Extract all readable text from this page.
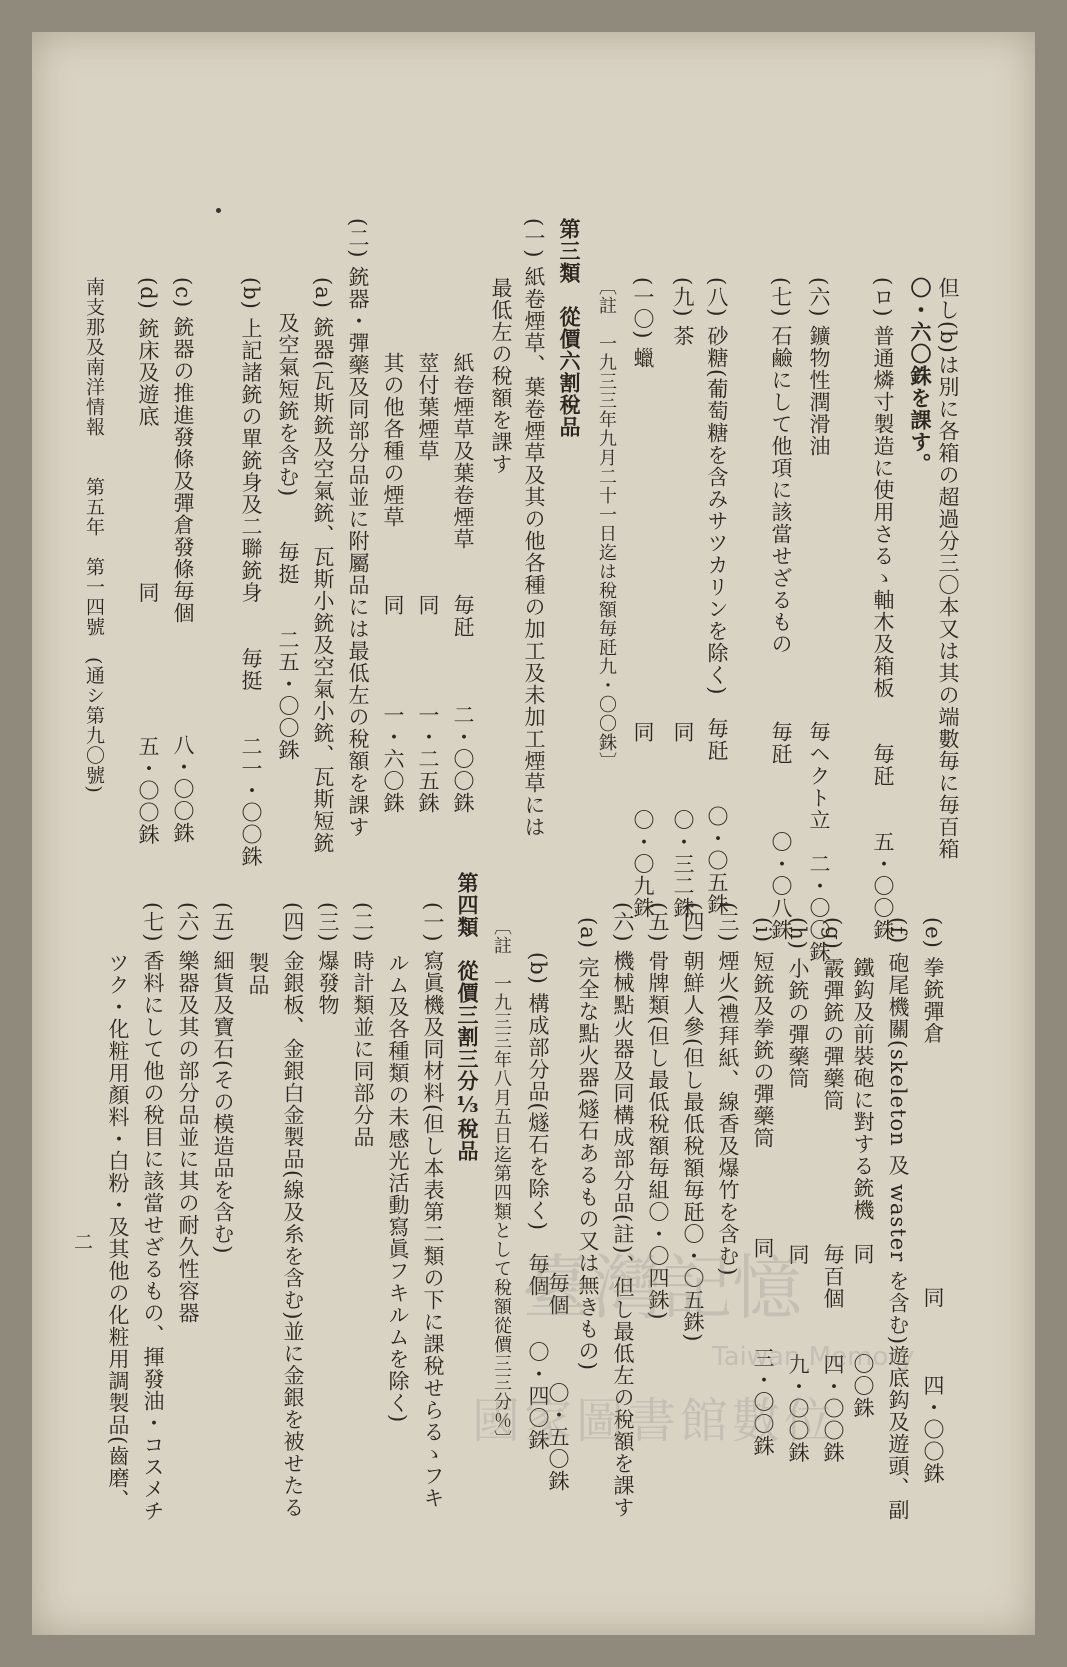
但し(b)は別に各箱の超過分三〇本又は其の端數毎に毎百箱
〇・六〇銖を課す。
(ロ) 普通燐寸製造に使用さるゝ軸木及箱板　　毎瓩　　五・〇〇銖
(六) 鑛物性潤滑油　　　　　　　　　　　　毎ヘクト立　二・〇〇銖
(七) 石鹼にして他項に該當せざるもの　　　毎瓩　　　〇・〇八銖
(八) 砂糖(葡萄糖を含みサツカリンを除く)　毎瓩　　〇・〇五銖
(九) 茶　　　　　　　　　　　　　　　　　同　　　〇・三二銖
(一〇) 蠟　　　　　　　　　　　　　　　　同　　　〇・〇九銖
〔註　一九三三年九月二十一日迄は稅額毎瓩九・〇〇銖〕
第三類　從價六割稅品
(一) 紙卷煙草、葉卷煙草及其の他各種の加工及未加工煙草には
最低左の稅額を課す
紙卷煙草及葉卷煙草　　毎瓩　　　二・〇〇銖
莖付葉煙草　　　　　　同　　　　一・二五銖
其の他各種の煙草　　　同　　　　一・六〇銖
(二) 銃器・彈藥及同部分品並に附屬品には最低左の稅額を課す
(a) 銃器(瓦斯銃及空氣銃、瓦斯小銃及空氣小銃、瓦斯短銃
及空氣短銃を含む)　　毎挺　　二五・〇〇銖
(b) 上記諸銃の單銃身及二聯銃身　　毎挺　　二一・〇〇銖
(c) 銃器の推進發條及彈倉發條毎個　　　　　八・〇〇銖
(d) 銃床及遊底　　　　　　　同　　　　　　五・〇〇銖
南支那及南洋情報　　第五年　第一四號　(通シ第九〇號)
(e) 拳銃彈倉　　　　　　　　　　　同　　　四・〇〇銖
(f) 砲尾機關(skeleton 及 waster を含む)遊底鈎及遊頭、副
鐵鈎及前裝砲に對する銃機　同　　　　〇〇銖
(g) 霰彈銃の彈藥筒　　　　　　毎百個　　四・〇〇銖
(h) 小銃の彈藥筒　　　　　　　同　　　　九・〇〇銖
(i) 短銃及拳銃の彈藥筒　　　　同　　　　三・〇〇銖
(三) 煙火(禮拜紙、線香及爆竹を含む)
(四) 朝鮮人參(但し最低稅額毎瓩〇・〇五銖)
(五) 骨牌類(但し最低稅額毎組〇・〇四銖)
(六) 機械點火器及同構成部分品(註)、但し最低左の稅額を課す
(a) 完全な點火器(燧石あるもの又は無きもの)
毎個　　　〇・五〇銖
(b) 構成部分品(燧石を除く)　毎個　　〇・四〇銖
〔註　一九三三年八月五日迄第四類として稅額從價三三分％〕
第四類　從價三割三分⅓稅品
(一) 寫眞機及同材料(但し本表第二類の下に課稅せらるゝフキ
ルム及各種類の未感光活動寫眞フキルムを除く)
(二) 時計類並に同部分品
(三) 爆發物
(四) 金銀板、金銀白金製品(線及糸を含む)並に金銀を被せたる
製品
(五) 細貨及寶石(その模造品を含む)
(六) 樂器及其の部分品並に其の耐久性容器
(七) 香料にして他の稅目に該當せざるもの、揮發油・コスメチ
ツク・化粧用顏料・白粉・及其他の化粧用調製品(齒磨、
二
臺灣記憶
Taiwan Memory
國家圖書館數位
